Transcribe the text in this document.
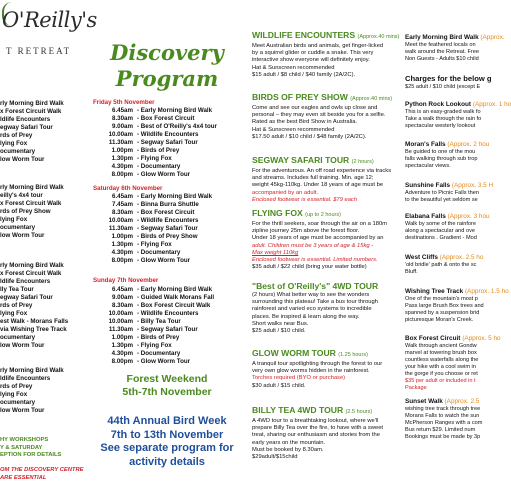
O'Reilly's
T RETREAT
rly Morning Bird Walk
x Forest Circuit Walk
ldlife Encounters
egway Safari Tour
rds of Prey
lying Fox
ocumentary
low Worm Tour
rly Morning Bird Walk
eilly's 4x4 tour
x Forest Circuit Walk
rds of Prey Show
lying Fox
ocumentary
low Worm Tour
rly Morning Bird Walk
x Forest Circuit Walk
ldlife Encounters
lly Tea Tour
egway Safari Tour
rds of Prey
lying Fox
est Walk - Morans Falls
via Wishing Tree Track
ocumentary
low Worm Tour
rly Morning Bird Walk
ldlife Encounters
rds of Prey
lying Fox
ocumentary
low Worm Tour
HY WORKSHOPS
Y & SATURDAY
EPTION FOR DETAILS
OM THE DISCOVERY CENTRE
ARE ESSENTIAL
Discovery
Program
Friday 5th November
6.45am - Early Morning Bird Walk
8.30am - Box Forest Circuit
9.00am - Best of O'Reilly's 4x4 tour
10.00am - Wildlife Encounters
11.30am - Segway Safari Tour
1.00pm - Birds of Prey
1.30pm - Flying Fox
4.30pm - Documentary
8.00pm - Glow Worm Tour
Saturday 6th November
6.45am - Early Morning Bird Walk
7.45am - Binna Burra Shuttle
8.30am - Box Forest Circuit
10.00am - Wildlife Encounters
11.30am - Segway Safari Tour
1.00pm - Birds of Prey Show
1.30pm - Flying Fox
4.30pm - Documentary
8.00pm - Glow Worm Tour
Sunday 7th November
6.45am - Early Morning Bird Walk
9.00am - Guided Walk Morans Fall
8.30am - Box Forest Circuit Walk
10.00am - Wildlife Encounters
10.00am - Billy Tea Tour
11.30am - Segway Safari Tour
1.00pm - Birds of Prey
1.30pm - Flying Fox
4.30pm - Documentary
8.00pm - Glow Worm Tour
Forest Weekend
5th-7th November
44th Annual Bird Week
7th to 13th November
See separate program for
activity details
WILDLIFE ENCOUNTERS (Approx.40 mins)

Meet Australian birds and animals, get finger-licked

by a squirrel glider or cuddle a snake. This very

interactive show everyone will definitely enjoy.

Hat & Sunscreen recommended

$15 adult / $8 child / $40 family (2A/2C).

BIRDS OF PREY SHOW (Approx.40 mins)

Come and see our eagles and owls up close and

personal – they may even sit beside you for a selfie.

Rated as the best Bird Show in Australia.

Hat & Sunscreen recommended

$17.50 adult / $10 child / $48 family (2A/2C).

SEGWAY SAFARI TOUR (2 hours)

For the adventurous. An off road experience via tracks

and streams. Includes full training. Min. age 12;

weight 45kg-110kg. Under 18 years of age must be

accompanied by an adult.

Enclosed footwear is essential. $79 each

FLYING FOX (up to 2 hours)

For the thrill seekers, soar through the air on a 180m

zipline journey 25m above the forest floor.

Under 18 years of age must be accompanied by an

adult. Children must be 3 years of age & 15kg -

Max weight 110kg

Enclosed footwear is essential. Limited numbers.

$35 adult / $22 child (bring your water bottle)

"Best of O'Reilly's" 4WD TOUR

(2 hours) What better way to see the wonders

surrounding this plateau! Take a bus tour through

rainforest and varied eco systems to incredible

places. Be inspired & learn along the way.

Short walks near Bus.

$25 adult / $10 child.

GLOW WORM TOUR (1.25 hours)

A tranquil tour spotlighting through the forest to our

very own glow worms hidden in the rainforest.

Torches required (BYO or purchase)

$30 adult / $15 child.

BILLY TEA 4WD TOUR (2.5 hours)

A 4WD tour to a breathtaking lookout, where we'll

prepare Billy Tea over the fire, to have with a sweet

treat, sharing our enthusiasm and stories from the

early years on the mountain.

Must be booked by 8.30am.

$29adult/$15child

Early Morning Bird Walk (Approx.
Meet the feathered locals on
walk around the Retreat. Free
Non Guests - Adults $10 child
Charges for the below g
$25 adult / $10 child (except E
Python Rock Lookout (Approx. 1 ho
This is an easy-graded walk fo
Take a walk through the rain fo
spectacular westerly lookout
Moran's Falls (Approx. 2 hou
Be guided to one of the mou
falls walking through sub trop
spectacular views.
Sunshine Falls (Approx. 3.5 H
Adventure to Picnic Falls then
to the beautiful yet seldom se
Elabana Falls (Approx. 3 hou
Walk by some of the rainfore
along a spectacular and ove
destinations . Gradient - Mod
West Cliffs (Approx. 2.5 ho
'old bridle' path & onto the sc
Bluff.
Wishing Tree Track (Approx. 1.5 ho
One of the mountain's most p
Pass large Brush Box trees and
spanned by a suspension brid
picturesque Moran's Creek.
Box Forest Circuit (Approx. 5 ho
Walk through ancient Gondw
marvel at towering brush box
countless waterfalls along the
your hike with a cool swim in
the gorge if you choose or ret
$35 per adult or included in t
Package
Sunset Walk (Approx. 2.5
wishing tree track through tree
Morans Falls to watch the sun
McPherson Ranges with a com
Bus return $29. Limited num
Bookings must be made by 3p
